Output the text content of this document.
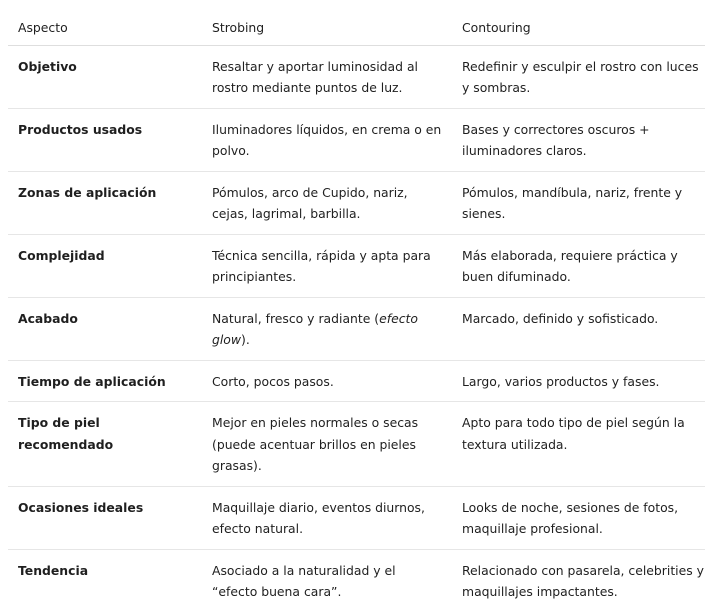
Aspecto	Strobing	Contouring
Objetivo	Resaltar y aportar luminosidad al rostro mediante puntos de luz.	Redefinir y esculpir el rostro con luces y sombras.
Productos usados	Iluminadores líquidos, en crema o en polvo.	Bases y correctores oscuros + iluminadores claros.
Zonas de aplicación	Pómulos, arco de Cupido, nariz, cejas, lagrimal, barbilla.	Pómulos, mandíbula, nariz, frente y sienes.
Complejidad	Técnica sencilla, rápida y apta para principiantes.	Más elaborada, requiere práctica y buen difuminado.
Acabado	Natural, fresco y radiante (efecto glow).	Marcado, definido y sofisticado.
Tiempo de aplicación	Corto, pocos pasos.	Largo, varios productos y fases.
Tipo de piel recomendado	Mejor en pieles normales o secas (puede acentuar brillos en pieles grasas).	Apto para todo tipo de piel según la textura utilizada.
Ocasiones ideales	Maquillaje diario, eventos diurnos, efecto natural.	Looks de noche, sesiones de fotos, maquillaje profesional.
Tendencia	Asociado a la naturalidad y el “efecto buena cara”.	Relacionado con pasarela, celebrities y maquillajes impactantes.
